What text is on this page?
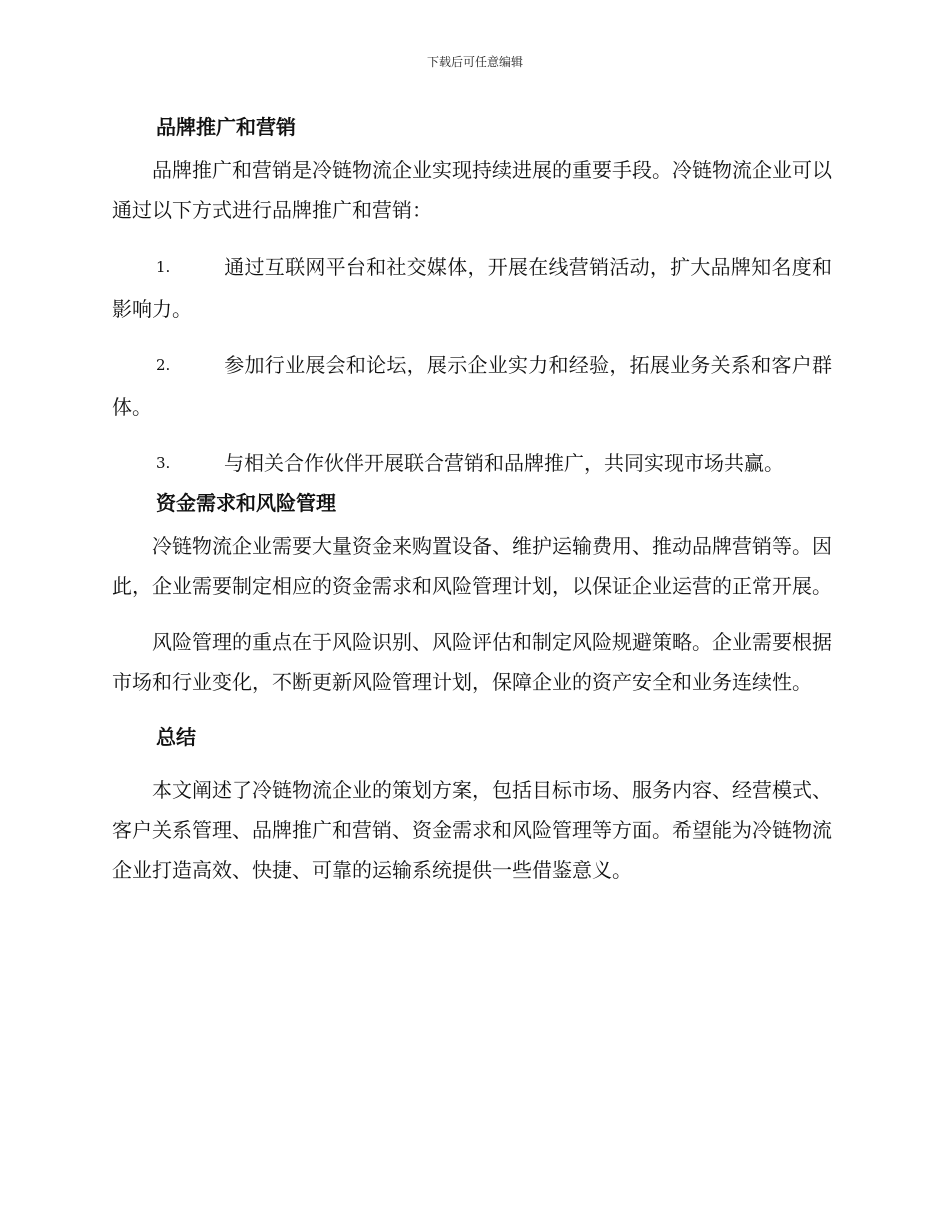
下载后可任意编辑
品牌推广和营销

品牌推广和营销是冷链物流企业实现持续进展的重要手段。冷链物流企业可以通过以下方式进行品牌推广和营销：

1.	通过互联网平台和社交媒体，开展在线营销活动，扩大品牌知名度和影响力。

2.	参加行业展会和论坛，展示企业实力和经验，拓展业务关系和客户群体。

3.	与相关合作伙伴开展联合营销和品牌推广，共同实现市场共赢。

资金需求和风险管理

冷链物流企业需要大量资金来购置设备、维护运输费用、推动品牌营销等。因此，企业需要制定相应的资金需求和风险管理计划，以保证企业运营的正常开展。

风险管理的重点在于风险识别、风险评估和制定风险规避策略。企业需要根据市场和行业变化，不断更新风险管理计划，保障企业的资产安全和业务连续性。

总结

本文阐述了冷链物流企业的策划方案，包括目标市场、服务内容、经营模式、客户关系管理、品牌推广和营销、资金需求和风险管理等方面。希望能为冷链物流企业打造高效、快捷、可靠的运输系统提供一些借鉴意义。
